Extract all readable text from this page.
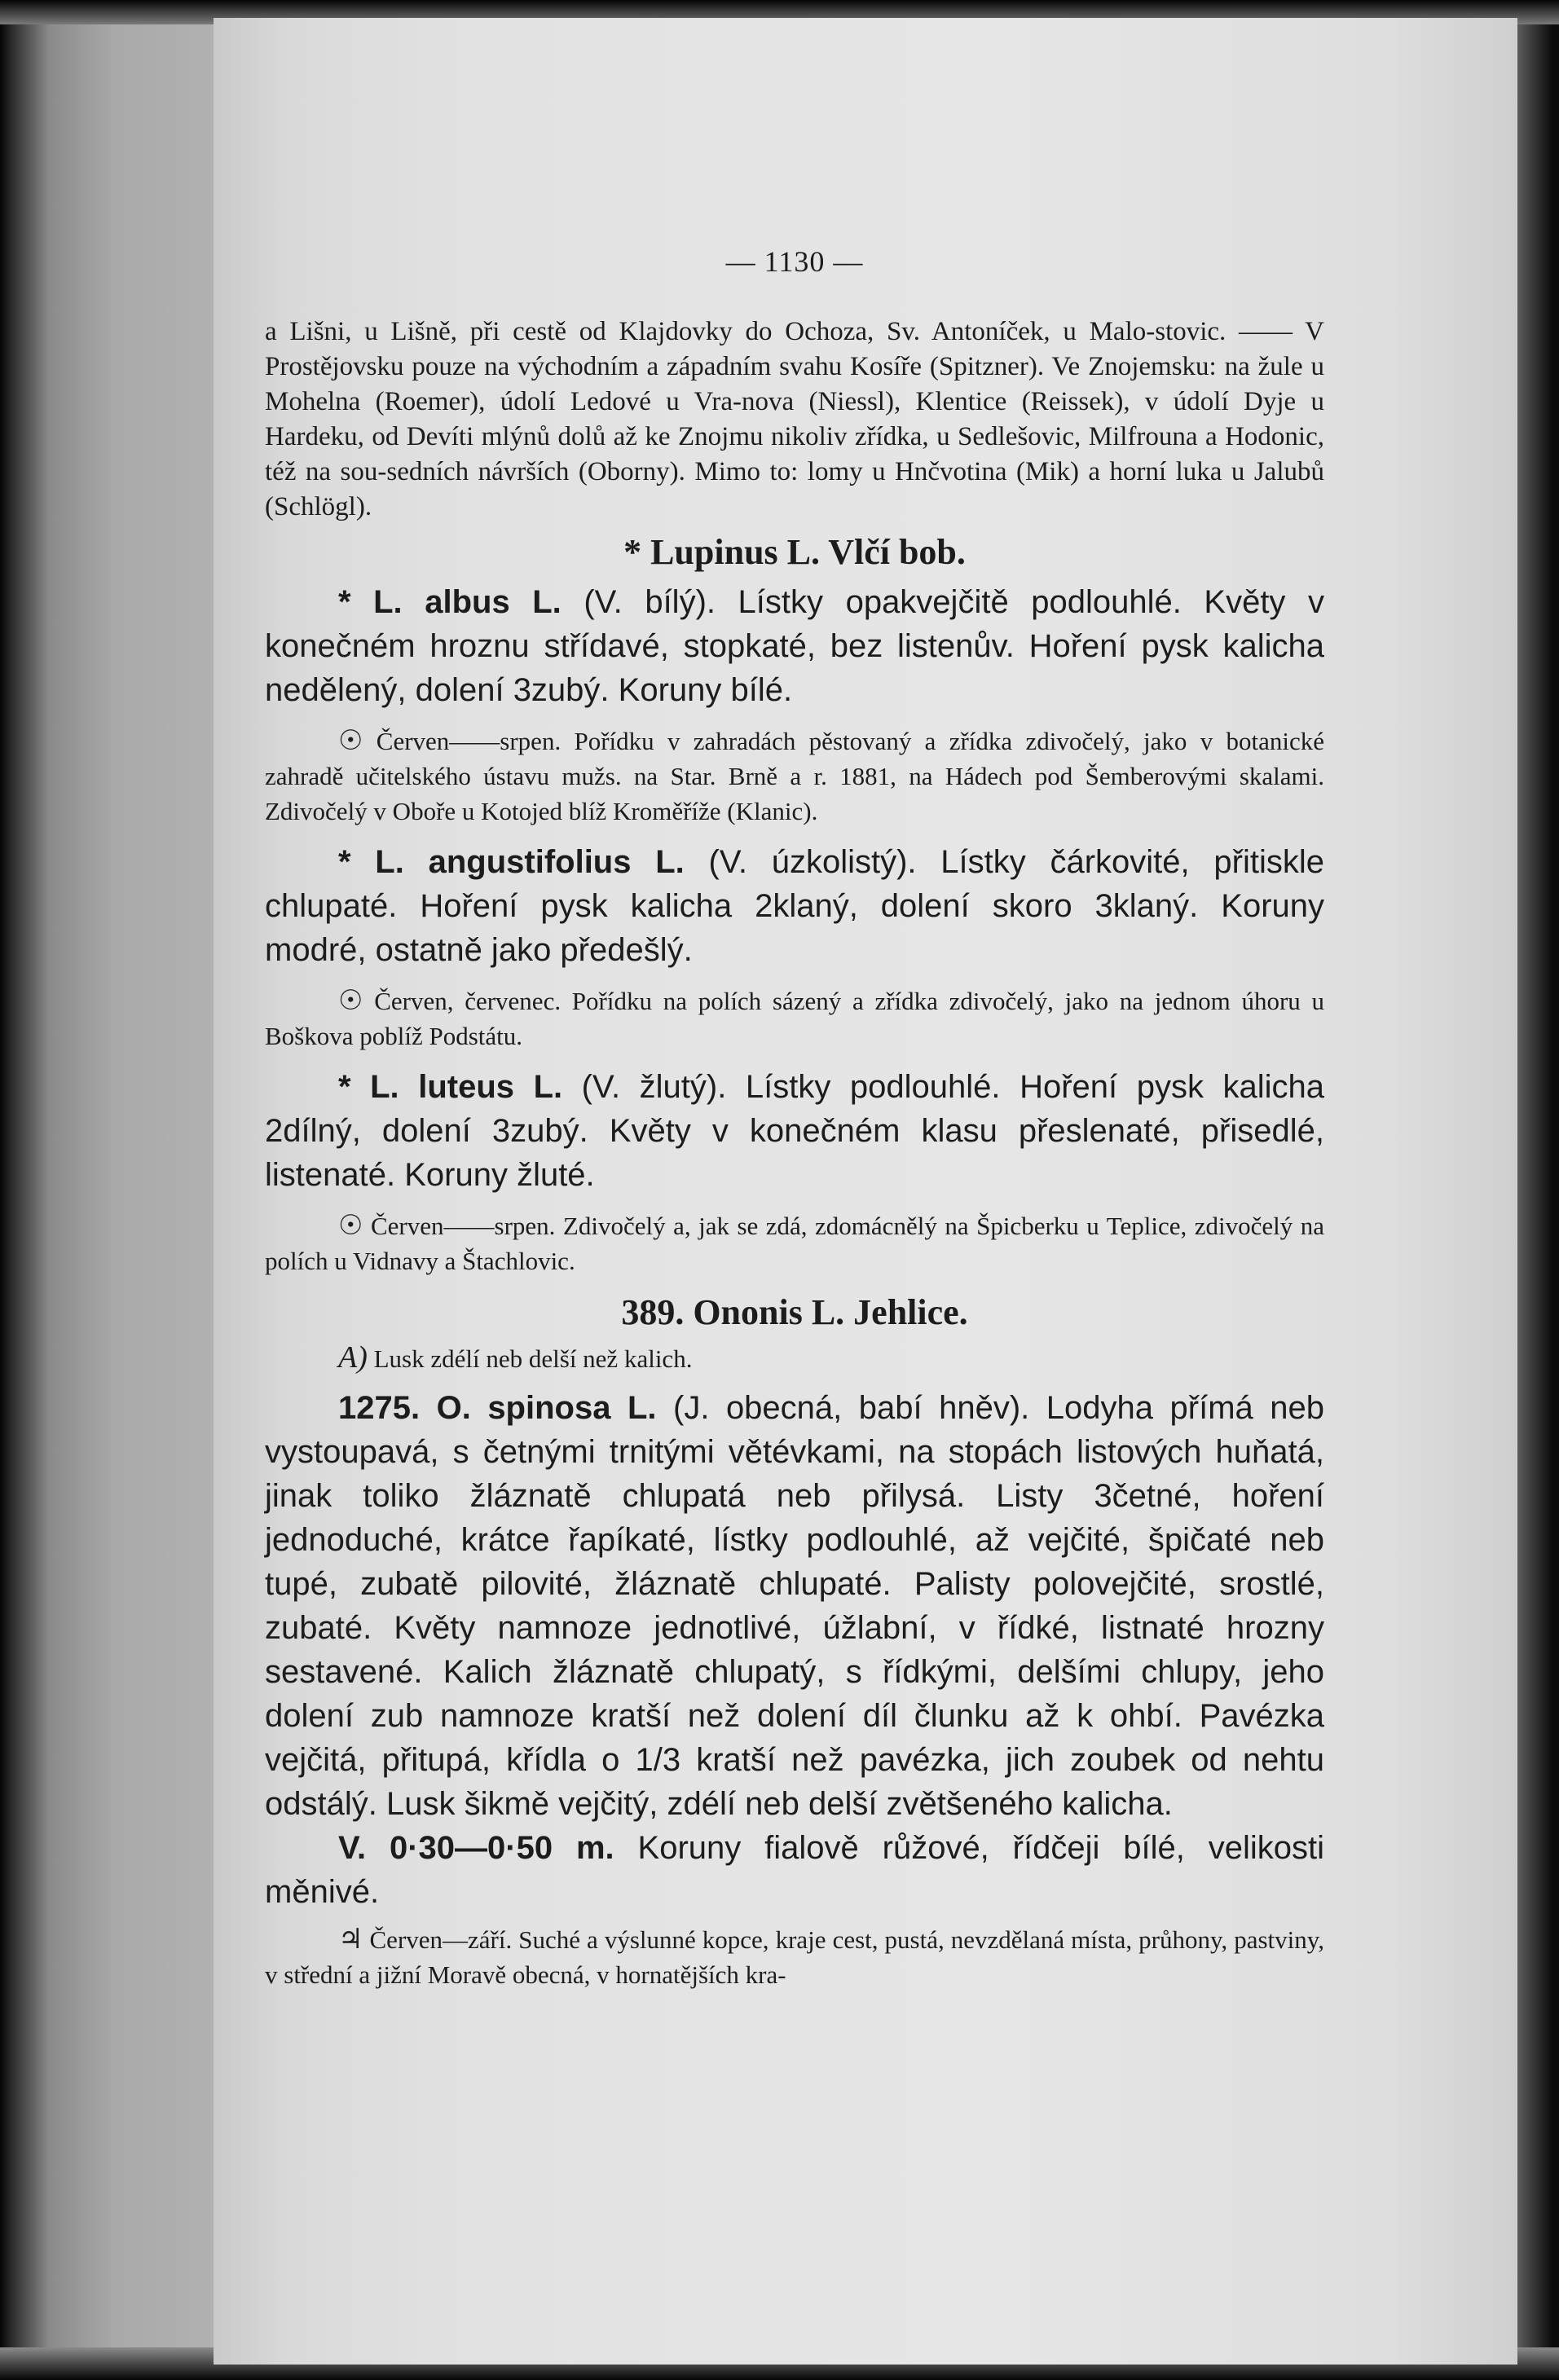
— 1130 —

a Lišni, u Lišně, při cestě od Klajdovky do Ochoza, Sv. Antoníček, u Malo-stovic. —— V Prostějovsku pouze na východním a západním svahu Kosíře (Spitzner). Ve Znojemsku: na žule u Mohelna (Roemer), údolí Ledové u Vra-nova (Niessl), Klentice (Reissek), v údolí Dyje u Hardeku, od Devíti mlýnů dolů až ke Znojmu nikoliv zřídka, u Sedlešovic, Milfrouna a Hodonic, též na sou-sedních návrších (Oborny). Mimo to: lomy u Hnčvotina (Mik) a horní luka u Jalubů (Schlögl).

* Lupinus L. Vlčí bob.

* L. albus L. (V. bílý). Lístky opakvejčitě podlouhlé. Květy v konečném hroznu střídavé, stopkaté, bez listenův. Hoření pysk kalicha nedělený, dolení 3zubý. Koruny bílé.

☉ Červen——srpen. Pořídku v zahradách pěstovaný a zřídka zdivočelý, jako v botanické zahradě učitelského ústavu mužs. na Star. Brně a r. 1881, na Hádech pod Šemberovými skalami. Zdivočelý v Oboře u Kotojed blíž Kroměříže (Klanic).

* L. angustifolius L. (V. úzkolistý). Lístky čárkovité, přitiskle chlupaté. Hoření pysk kalicha 2klaný, dolení skoro 3klaný. Koruny modré, ostatně jako předešlý.

☉ Červen, červenec. Pořídku na polích sázený a zřídka zdivočelý, jako na jednom úhoru u Boškova poblíž Podstátu.

* L. luteus L. (V. žlutý). Lístky podlouhlé. Hoření pysk kalicha 2dílný, dolení 3zubý. Květy v konečném klasu přeslenaté, přisedlé, listenaté. Koruny žluté.

☉ Červen——srpen. Zdivočelý a, jak se zdá, zdomácnělý na Špicberku u Teplice, zdivočelý na polích u Vidnavy a Štachlovic.

389. Ononis L. Jehlice.

A) Lusk zdélí neb delší než kalich.

1275. O. spinosa L. (J. obecná, babí hněv). Lodyha přímá neb vystoupavá, s četnými trnitými větévkami, na stopách listových huňatá, jinak toliko žláznatě chlupatá neb přilysá. Listy 3četné, hoření jednoduché, krátce řapíkaté, lístky podlouhlé, až vejčité, špičaté neb tupé, zubatě pilovité, žláznatě chlupaté. Palisty polovejčité, srostlé, zubaté. Květy namnoze jednotlivé, úžlabní, v řídké, listnaté hrozny sestavené. Kalich žláznatě chlupatý, s řídkými, delšími chlupy, jeho dolení zub namnoze kratší než dolení díl člunku až k ohbí. Pavézka vejčitá, přitupá, křídla o 1/3 kratší než pavézka, jich zoubek od nehtu odstálý. Lusk šikmě vejčitý, zdélí neb delší zvětšeného kalicha.

V. 0·30—0·50 m. Koruny fialově růžové, řídčeji bílé, velikosti měnivé.

♃ Červen—září. Suché a výslunné kopce, kraje cest, pustá, nevzdělaná místa, průhony, pastviny, v střední a jižní Moravě obecná, v hornatějších kra-
